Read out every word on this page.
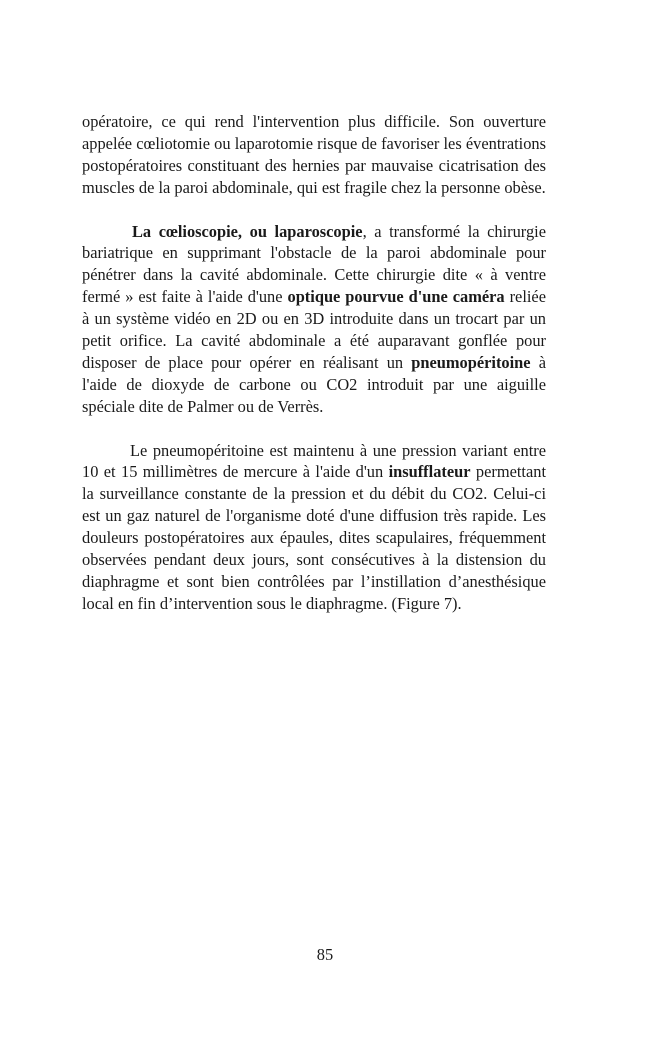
opératoire, ce qui rend l'intervention plus difficile. Son ouverture appelée cœliotomie ou laparotomie risque de favoriser les éventrations postopératoires constituant des hernies par mauvaise cicatrisation des muscles de la paroi abdominale, qui est fragile chez la personne obèse.

La cœlioscopie, ou laparoscopie, a transformé la chirurgie bariatrique en supprimant l'obstacle de la paroi abdominale pour pénétrer dans la cavité abdominale. Cette chirurgie dite « à ventre fermé » est faite à l'aide d'une optique pourvue d'une caméra reliée à un système vidéo en 2D ou en 3D introduite dans un trocart par un petit orifice. La cavité abdominale a été auparavant gonflée pour disposer de place pour opérer en réalisant un pneumopéritoine à l'aide de dioxyde de carbone ou CO2 introduit par une aiguille spéciale dite de Palmer ou de Verrès.

Le pneumopéritoine est maintenu à une pression variant entre 10 et 15 millimètres de mercure à l'aide d'un insufflateur permettant la surveillance constante de la pression et du débit du CO2. Celui-ci est un gaz naturel de l'organisme doté d'une diffusion très rapide. Les douleurs postopératoires aux épaules, dites scapulaires, fréquemment observées pendant deux jours, sont consécutives à la distension du diaphragme et sont bien contrôlées par l’instillation d’anesthésique local en fin d’intervention sous le diaphragme. (Figure 7).

85
